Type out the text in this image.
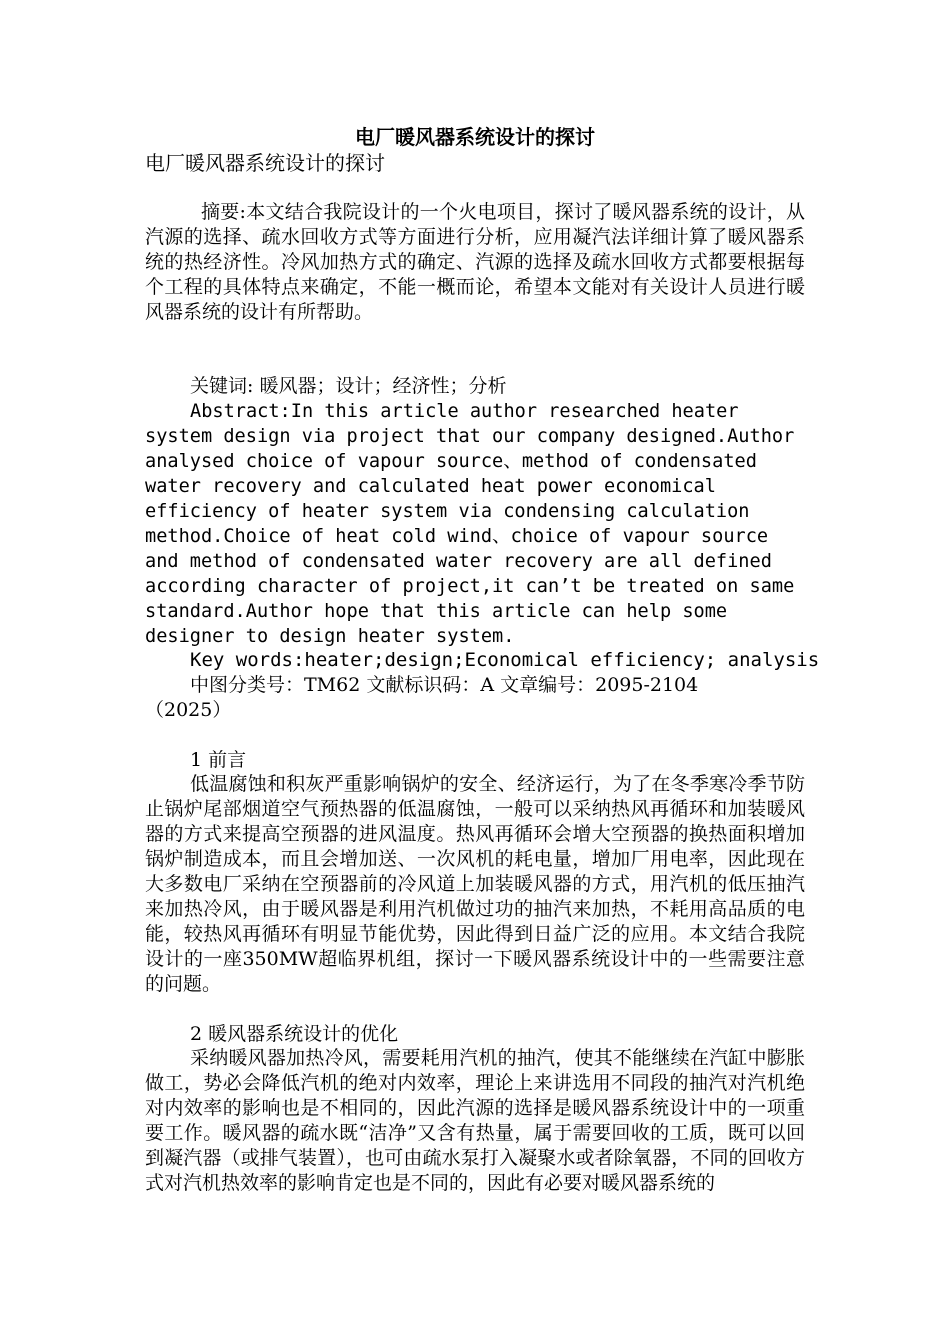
电厂暖风器系统设计的探讨
电厂暖风器系统设计的探讨

摘要:本文结合我院设计的一个火电项目，探讨了暖风器系统的设计，从汽源的选择、疏水回收方式等方面进行分析，应用凝汽法详细计算了暖风器系统的热经济性。冷风加热方式的确定、汽源的选择及疏水回收方式都要根据每个工程的具体特点来确定，不能一概而论，希望本文能对有关设计人员进行暖风器系统的设计有所帮助。

关键词: 暖风器；设计；经济性；分析

Abstract:In this article author researched heater system design via project that our company designed.Author analysed choice of vapour source、method of condensated water recovery and calculated heat power economical efficiency of heater system via condensing calculation method.Choice of heat cold wind、choice of vapour source and method of condensated water recovery are all defined according character of project,it can’t be treated on same standard.Author hope that this article can help some designer to design heater system.

Key words:heater;design;Economical efficiency; analysis

中图分类号：TM62 文献标识码：A 文章编号：2095-2104（2025）

1 前言

低温腐蚀和积灰严重影响锅炉的安全、经济运行，为了在冬季寒冷季节防止锅炉尾部烟道空气预热器的低温腐蚀，一般可以采纳热风再循环和加装暖风器的方式来提高空预器的进风温度。热风再循环会增大空预器的换热面积增加锅炉制造成本，而且会增加送、一次风机的耗电量，增加厂用电率，因此现在大多数电厂采纳在空预器前的冷风道上加装暖风器的方式，用汽机的低压抽汽来加热冷风，由于暖风器是利用汽机做过功的抽汽来加热，不耗用高品质的电能，较热风再循环有明显节能优势，因此得到日益广泛的应用。本文结合我院设计的一座350MW超临界机组，探讨一下暖风器系统设计中的一些需要注意的问题。

2 暖风器系统设计的优化

采纳暖风器加热冷风，需要耗用汽机的抽汽，使其不能继续在汽缸中膨胀做工，势必会降低汽机的绝对内效率，理论上来讲选用不同段的抽汽对汽机绝对内效率的影响也是不相同的，因此汽源的选择是暖风器系统设计中的一项重要工作。暖风器的疏水既“洁净”又含有热量，属于需要回收的工质，既可以回到凝汽器（或排气装置），也可由疏水泵打入凝聚水或者除氧器，不同的回收方式对汽机热效率的影响肯定也是不同的，因此有必要对暖风器系统的
